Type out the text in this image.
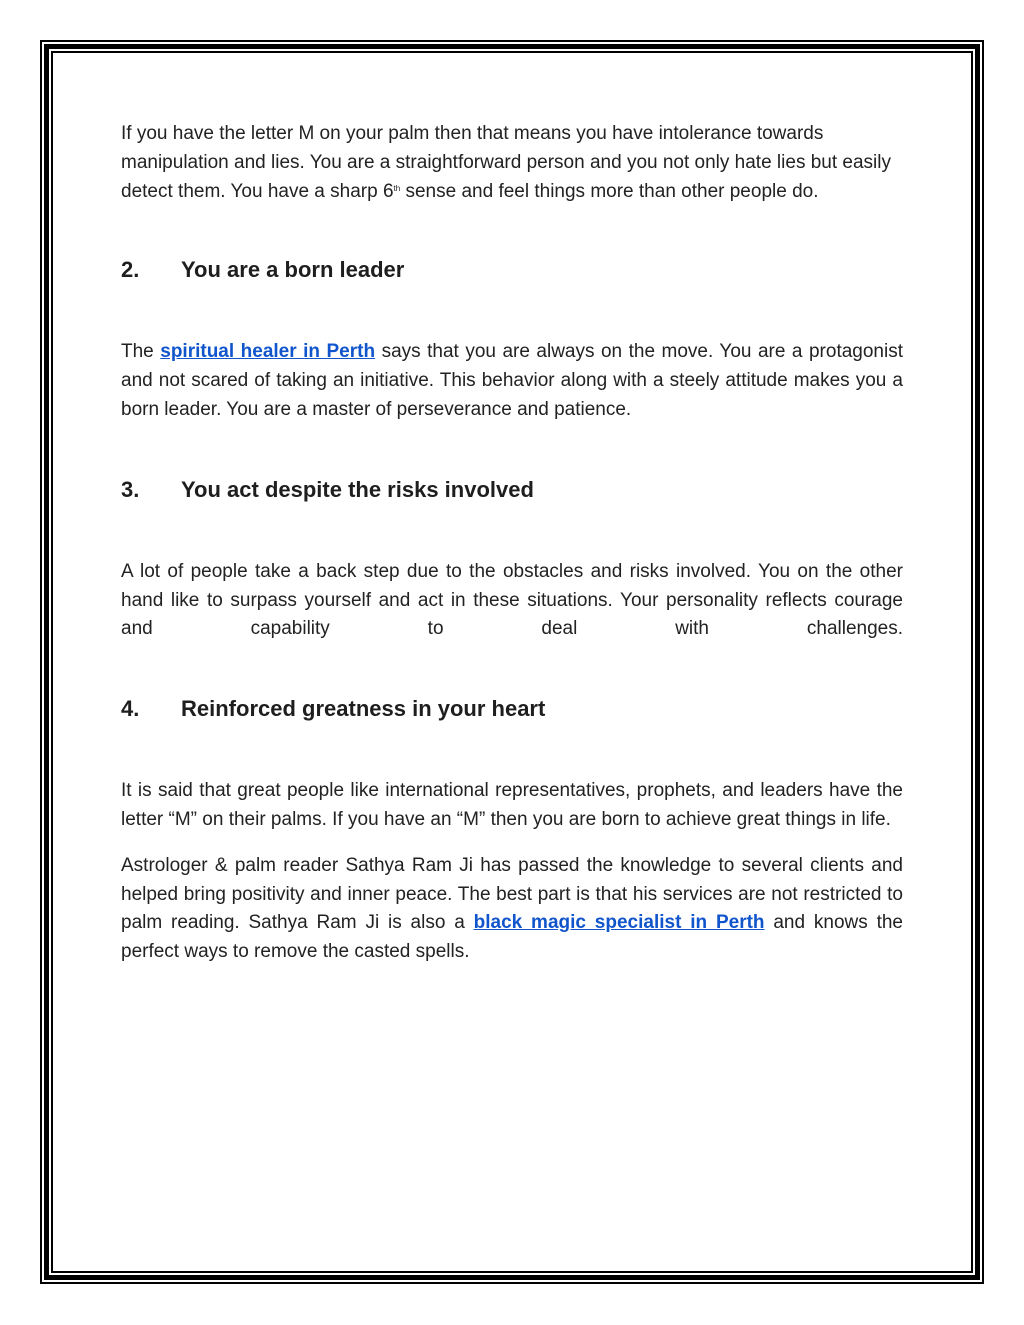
If you have the letter M on your palm then that means you have intolerance towards manipulation and lies. You are a straightforward person and you not only hate lies but easily detect them. You have a sharp 6th sense and feel things more than other people do.

2.	You are a born leader

The spiritual healer in Perth says that you are always on the move. You are a protagonist and not scared of taking an initiative. This behavior along with a steely attitude makes you a born leader. You are a master of perseverance and patience.

3.	You act despite the risks involved

A lot of people take a back step due to the obstacles and risks involved. You on the other hand like to surpass yourself and act in these situations. Your personality reflects courage and capability to deal with challenges.

4.	Reinforced greatness in your heart

It is said that great people like international representatives, prophets, and leaders have the letter “M” on their palms. If you have an “M” then you are born to achieve great things in life.

Astrologer & palm reader Sathya Ram Ji has passed the knowledge to several clients and helped bring positivity and inner peace. The best part is that his services are not restricted to palm reading. Sathya Ram Ji is also a black magic specialist in Perth and knows the perfect ways to remove the casted spells.
